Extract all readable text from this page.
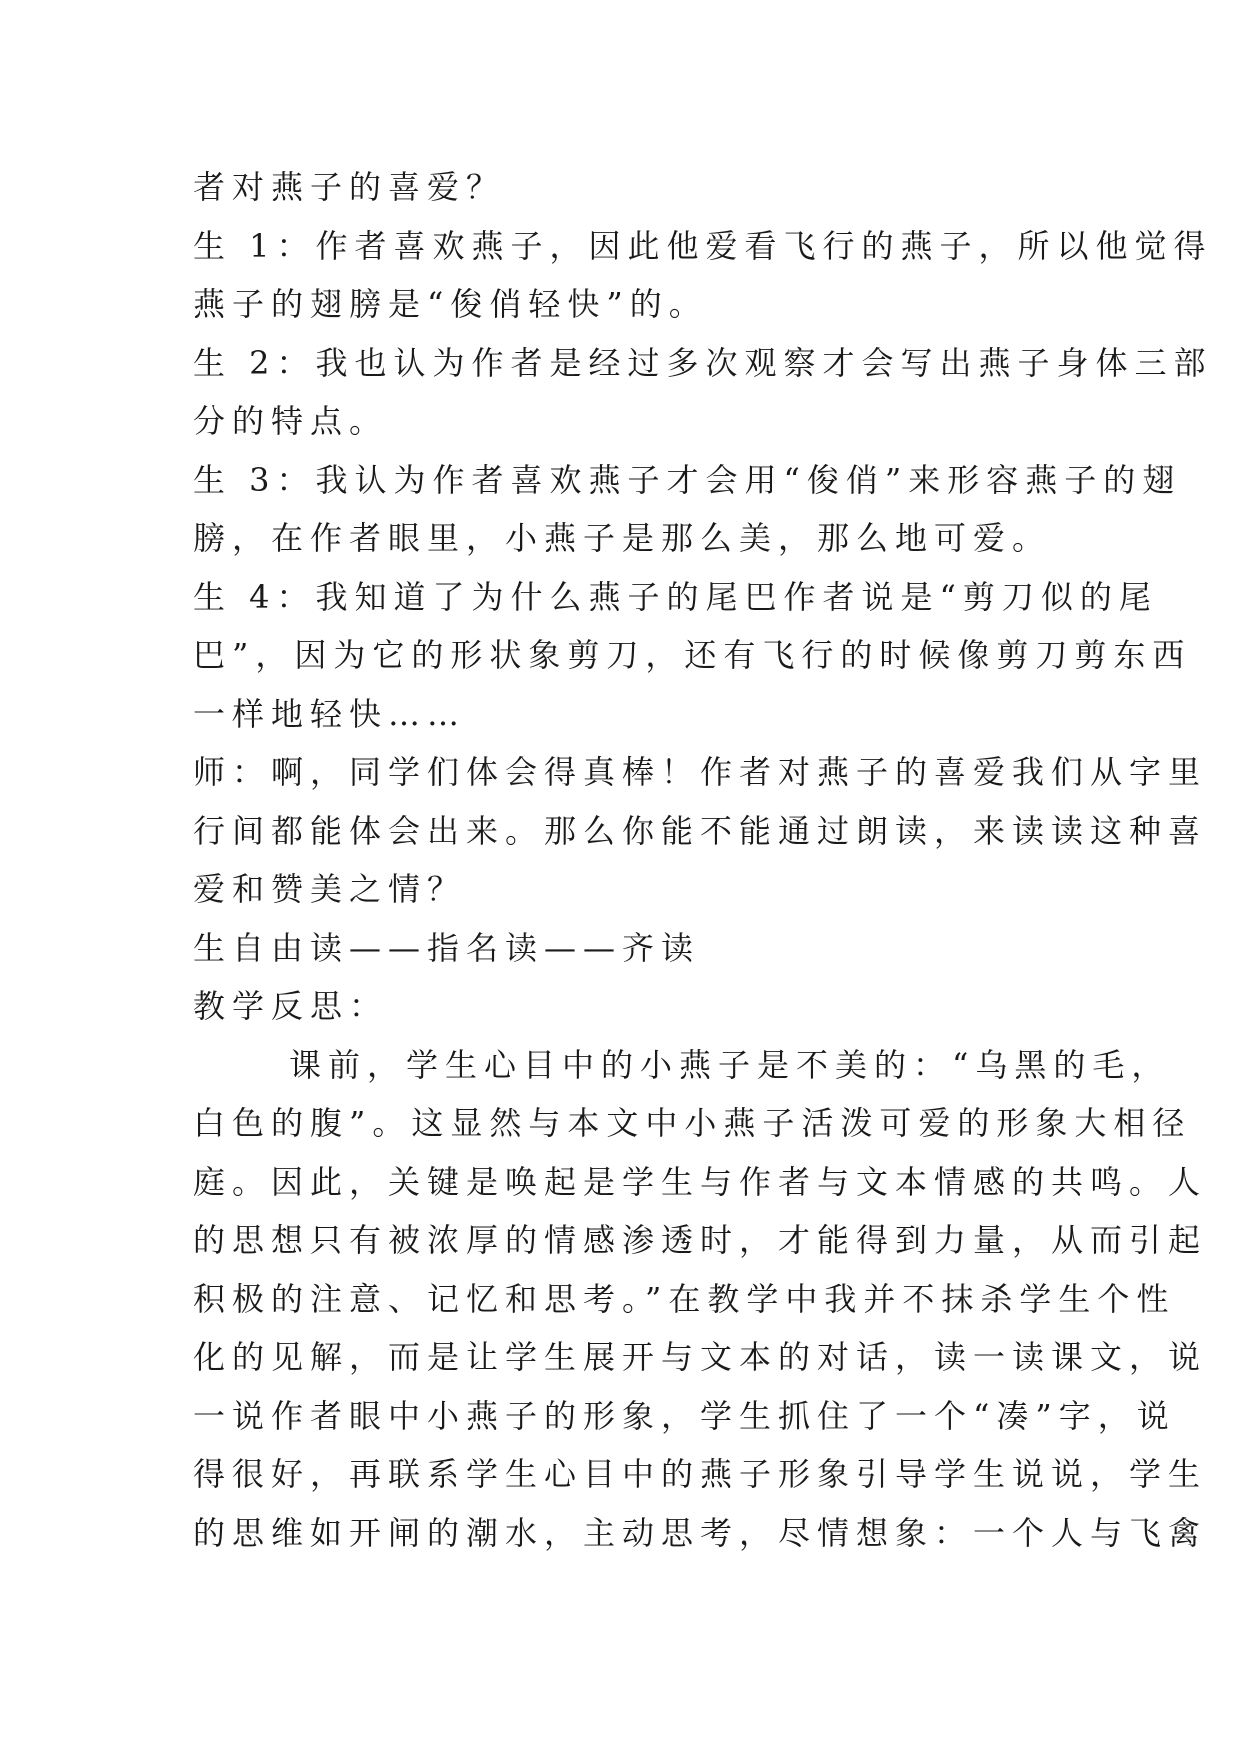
者对燕子的喜爱？
生 1：作者喜欢燕子，因此他爱看飞行的燕子，所以他觉得
燕子的翅膀是“俊俏轻快”的。
生 2：我也认为作者是经过多次观察才会写出燕子身体三部
分的特点。
生 3：我认为作者喜欢燕子才会用“俊俏”来形容燕子的翅
膀，在作者眼里，小燕子是那么美，那么地可爱。
生 4：我知道了为什么燕子的尾巴作者说是“剪刀似的尾
巴”，因为它的形状象剪刀，还有飞行的时候像剪刀剪东西
一样地轻快……
师：啊，同学们体会得真棒！作者对燕子的喜爱我们从字里
行间都能体会出来。那么你能不能通过朗读，来读读这种喜
爱和赞美之情？
生自由读——指名读——齐读
教学反思：
课前，学生心目中的小燕子是不美的：“乌黑的毛，
白色的腹”。这显然与本文中小燕子活泼可爱的形象大相径
庭。因此，关键是唤起是学生与作者与文本情感的共鸣。人
的思想只有被浓厚的情感渗透时，才能得到力量，从而引起
积极的注意、记忆和思考。”在教学中我并不抹杀学生个性
化的见解，而是让学生展开与文本的对话，读一读课文，说
一说作者眼中小燕子的形象，学生抓住了一个“凑”字，说
得很好，再联系学生心目中的燕子形象引导学生说说，学生
的思维如开闸的潮水，主动思考，尽情想象：一个人与飞禽
